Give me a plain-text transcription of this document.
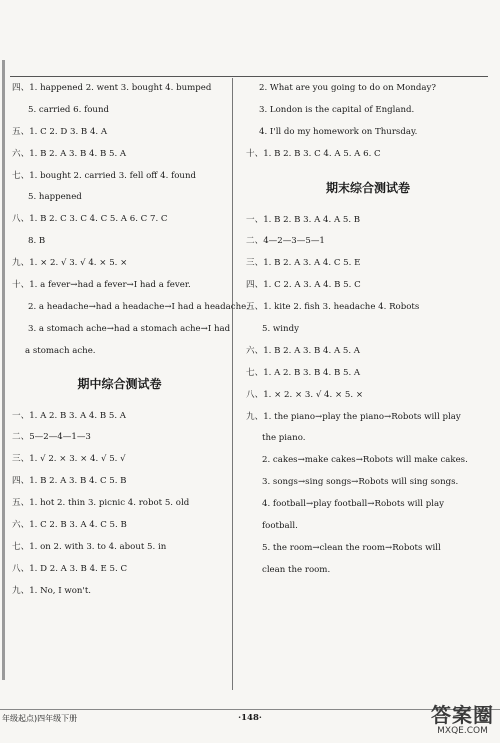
四、1. happened 2. went 3. bought 4. bumped
5. carried 6. found
五、1. C 2. D 3. B 4. A
六、1. B 2. A 3. B 4. B 5. A
七、1. bought 2. carried 3. fell off 4. found
5. happened
八、1. B 2. C 3. C 4. C 5. A 6. C 7. C
8. B
九、1. × 2. √ 3. √ 4. × 5. ×
十、1. a fever→had a fever→I had a fever.
2. a headache→had a headache→I had a headache.
3. a stomach ache→had a stomach ache→I had
a stomach ache.
期中综合测试卷
一、1. A 2. B 3. A 4. B 5. A
二、5—2—4—1—3
三、1. √ 2. × 3. × 4. √ 5. √
四、1. B 2. A 3. B 4. C 5. B
五、1. hot 2. thin 3. picnic 4. robot 5. old
六、1. C 2. B 3. A 4. C 5. B
七、1. on 2. with 3. to 4. about 5. in
八、1. D 2. A 3. B 4. E 5. C
九、1. No, I won't.
2. What are you going to do on Monday?
3. London is the capital of England.
4. I'll do my homework on Thursday.
十、1. B 2. B 3. C 4. A 5. A 6. C
期末综合测试卷
一、1. B 2. B 3. A 4. A 5. B
二、4—2—3—5—1
三、1. B 2. A 3. A 4. C 5. E
四、1. C 2. A 3. A 4. B 5. C
五、1. kite 2. fish 3. headache 4. Robots
5. windy
六、1. B 2. A 3. B 4. A 5. A
七、1. A 2. B 3. B 4. B 5. A
八、1. × 2. × 3. √ 4. × 5. ×
九、1. the piano→play the piano→Robots will play
the piano.
2. cakes→make cakes→Robots will make cakes.
3. songs→sing songs→Robots will sing songs.
4. football→play football→Robots will play
football.
5. the room→clean the room→Robots will
clean the room.
年级起点)四年级下册	·148·	答案圈
MXQE.COM
